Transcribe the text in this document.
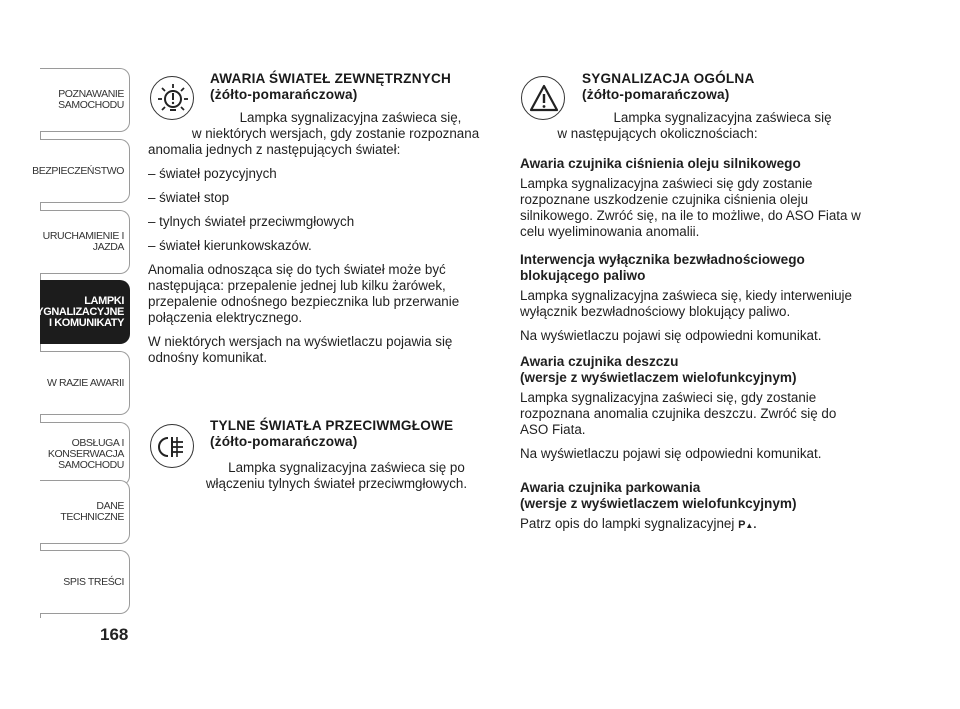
POZNAWANIE
SAMOCHODU
BEZPIECZEŃSTWO
URUCHAMIENIE I
JAZDA
LAMPKI
SYGNALIZACYJNE
I KOMUNIKATY
W RAZIE AWARII
OBSŁUGA I
KONSERWACJA
SAMOCHODU
DANE TECHNICZNE
SPIS TREŚCI
168
AWARIA ŚWIATEŁ ZEWNĘTRZNYCH
(żółto-pomarańczowa)
Lampka sygnalizacyjna zaświeca się,
w niektórych wersjach, gdy zostanie rozpoznana

anomalia jednych z następujących świateł:

– świateł pozycyjnych

– świateł stop

– tylnych świateł przeciwmgłowych

– świateł kierunkowskazów.

Anomalia odnosząca się do tych świateł może być następująca: przepalenie jednej lub kilku żarówek, przepalenie odnośnego bezpiecznika lub przerwanie połączenia elektrycznego.

W niektórych wersjach na wyświetlaczu pojawia się odnośny komunikat.

TYLNE ŚWIATŁA PRZECIWMGŁOWE
(żółto-pomarańczowa)
Lampka sygnalizacyjna zaświeca się po
włączeniu tylnych świateł przeciwmgłowych.
SYGNALIZACJA OGÓLNA
(żółto-pomarańczowa)
Lampka sygnalizacyjna zaświeca się

w następujących okolicznościach:

Awaria czujnika ciśnienia oleju silnikowego

Lampka sygnalizacyjna zaświeci się gdy zostanie rozpoznane uszkodzenie czujnika ciśnienia oleju silnikowego. Zwróć się, na ile to możliwe, do ASO Fiata w celu wyeliminowania anomalii.

Interwencja wyłącznika bezwładnościowego
blokującego paliwo

Lampka sygnalizacyjna zaświeca się, kiedy interweniuje wyłącznik bezwładnościowy blokujący paliwo.

Na wyświetlaczu pojawi się odpowiedni komunikat.

Awaria czujnika deszczu
(wersje z wyświetlaczem wielofunkcyjnym)

Lampka sygnalizacyjna zaświeci się, gdy zostanie rozpoznana anomalia czujnika deszczu. Zwróć się do ASO Fiata.

Na wyświetlaczu pojawi się odpowiedni komunikat.

Awaria czujnika parkowania
(wersje z wyświetlaczem wielofunkcyjnym)

Patrz opis do lampki sygnalizacyjnej P▲.
